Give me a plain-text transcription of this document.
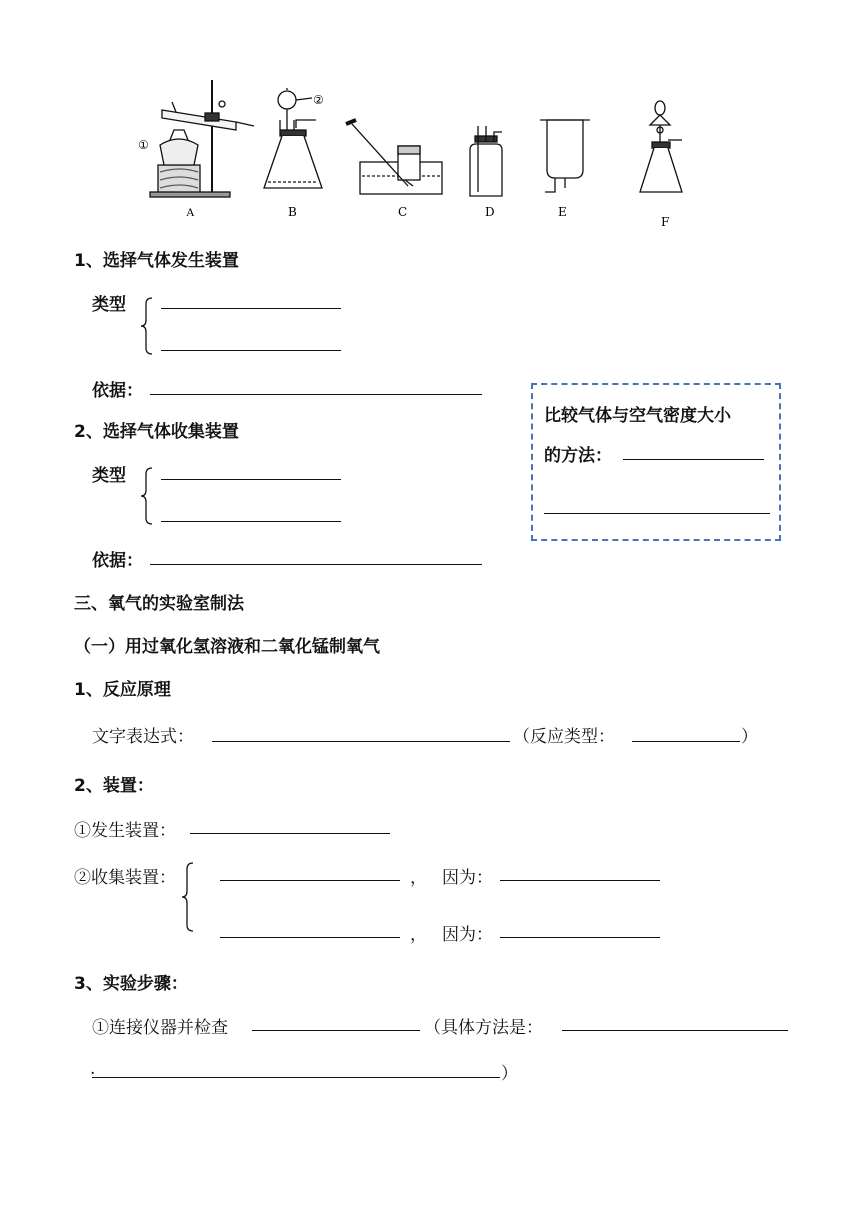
①
②
A	B	C	D	E
F
1、选择气体发生装置
类型
依据：
比较气体与空气密度大小
的方法：
2、选择气体收集装置
类型
依据：
三、氧气的实验室制法
（一）用过氧化氢溶液和二氧化锰制氧气
1、反应原理
文字表达式：	（反应类型：	）
2、装置：
①发生装置：
②收集装置：	， 因为：
， 因为：
3、实验步骤：
①连接仪器并检查	（具体方法是：
.	）
